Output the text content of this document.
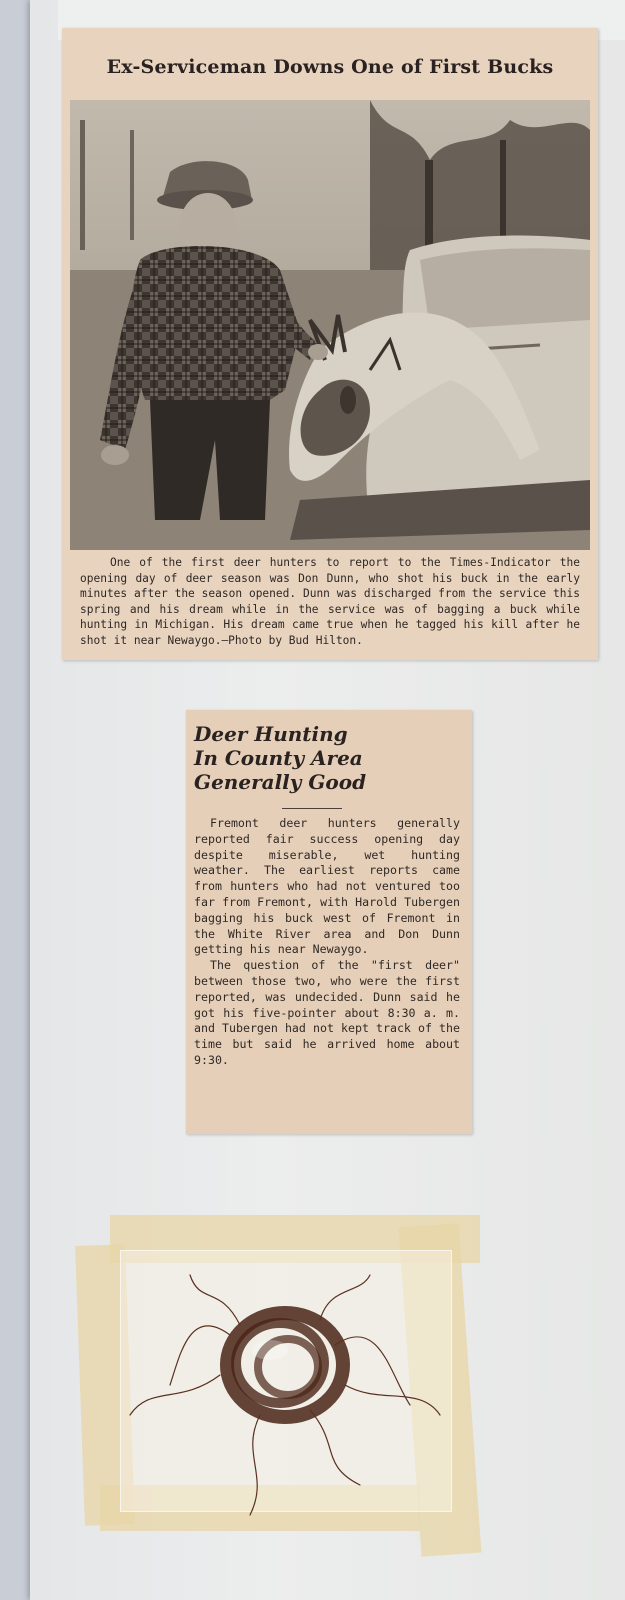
Ex-Serviceman Downs One of First Bucks
One of the first deer hunters to report to the Times-Indicator the opening day of deer season was Don Dunn, who shot his buck in the early minutes after the season opened. Dunn was discharged from the service this spring and his dream while in the service was of bagging a buck while hunting in Michigan. His dream came true when he tagged his kill after he shot it near Newaygo.—Photo by Bud Hilton.
Deer Hunting
In County Area
Generally Good

Fremont deer hunters generally reported fair success opening day despite miserable, wet hunting weather. The earliest reports came from hunters who had not ventured too far from Fremont, with Harold Tubergen bagging his buck west of Fremont in the White River area and Don Dunn getting his near Newaygo.

The question of the "first deer" between those two, who were the first reported, was undecided. Dunn said he got his five-pointer about 8:30 a. m. and Tubergen had not kept track of the time but said he arrived home about 9:30.
